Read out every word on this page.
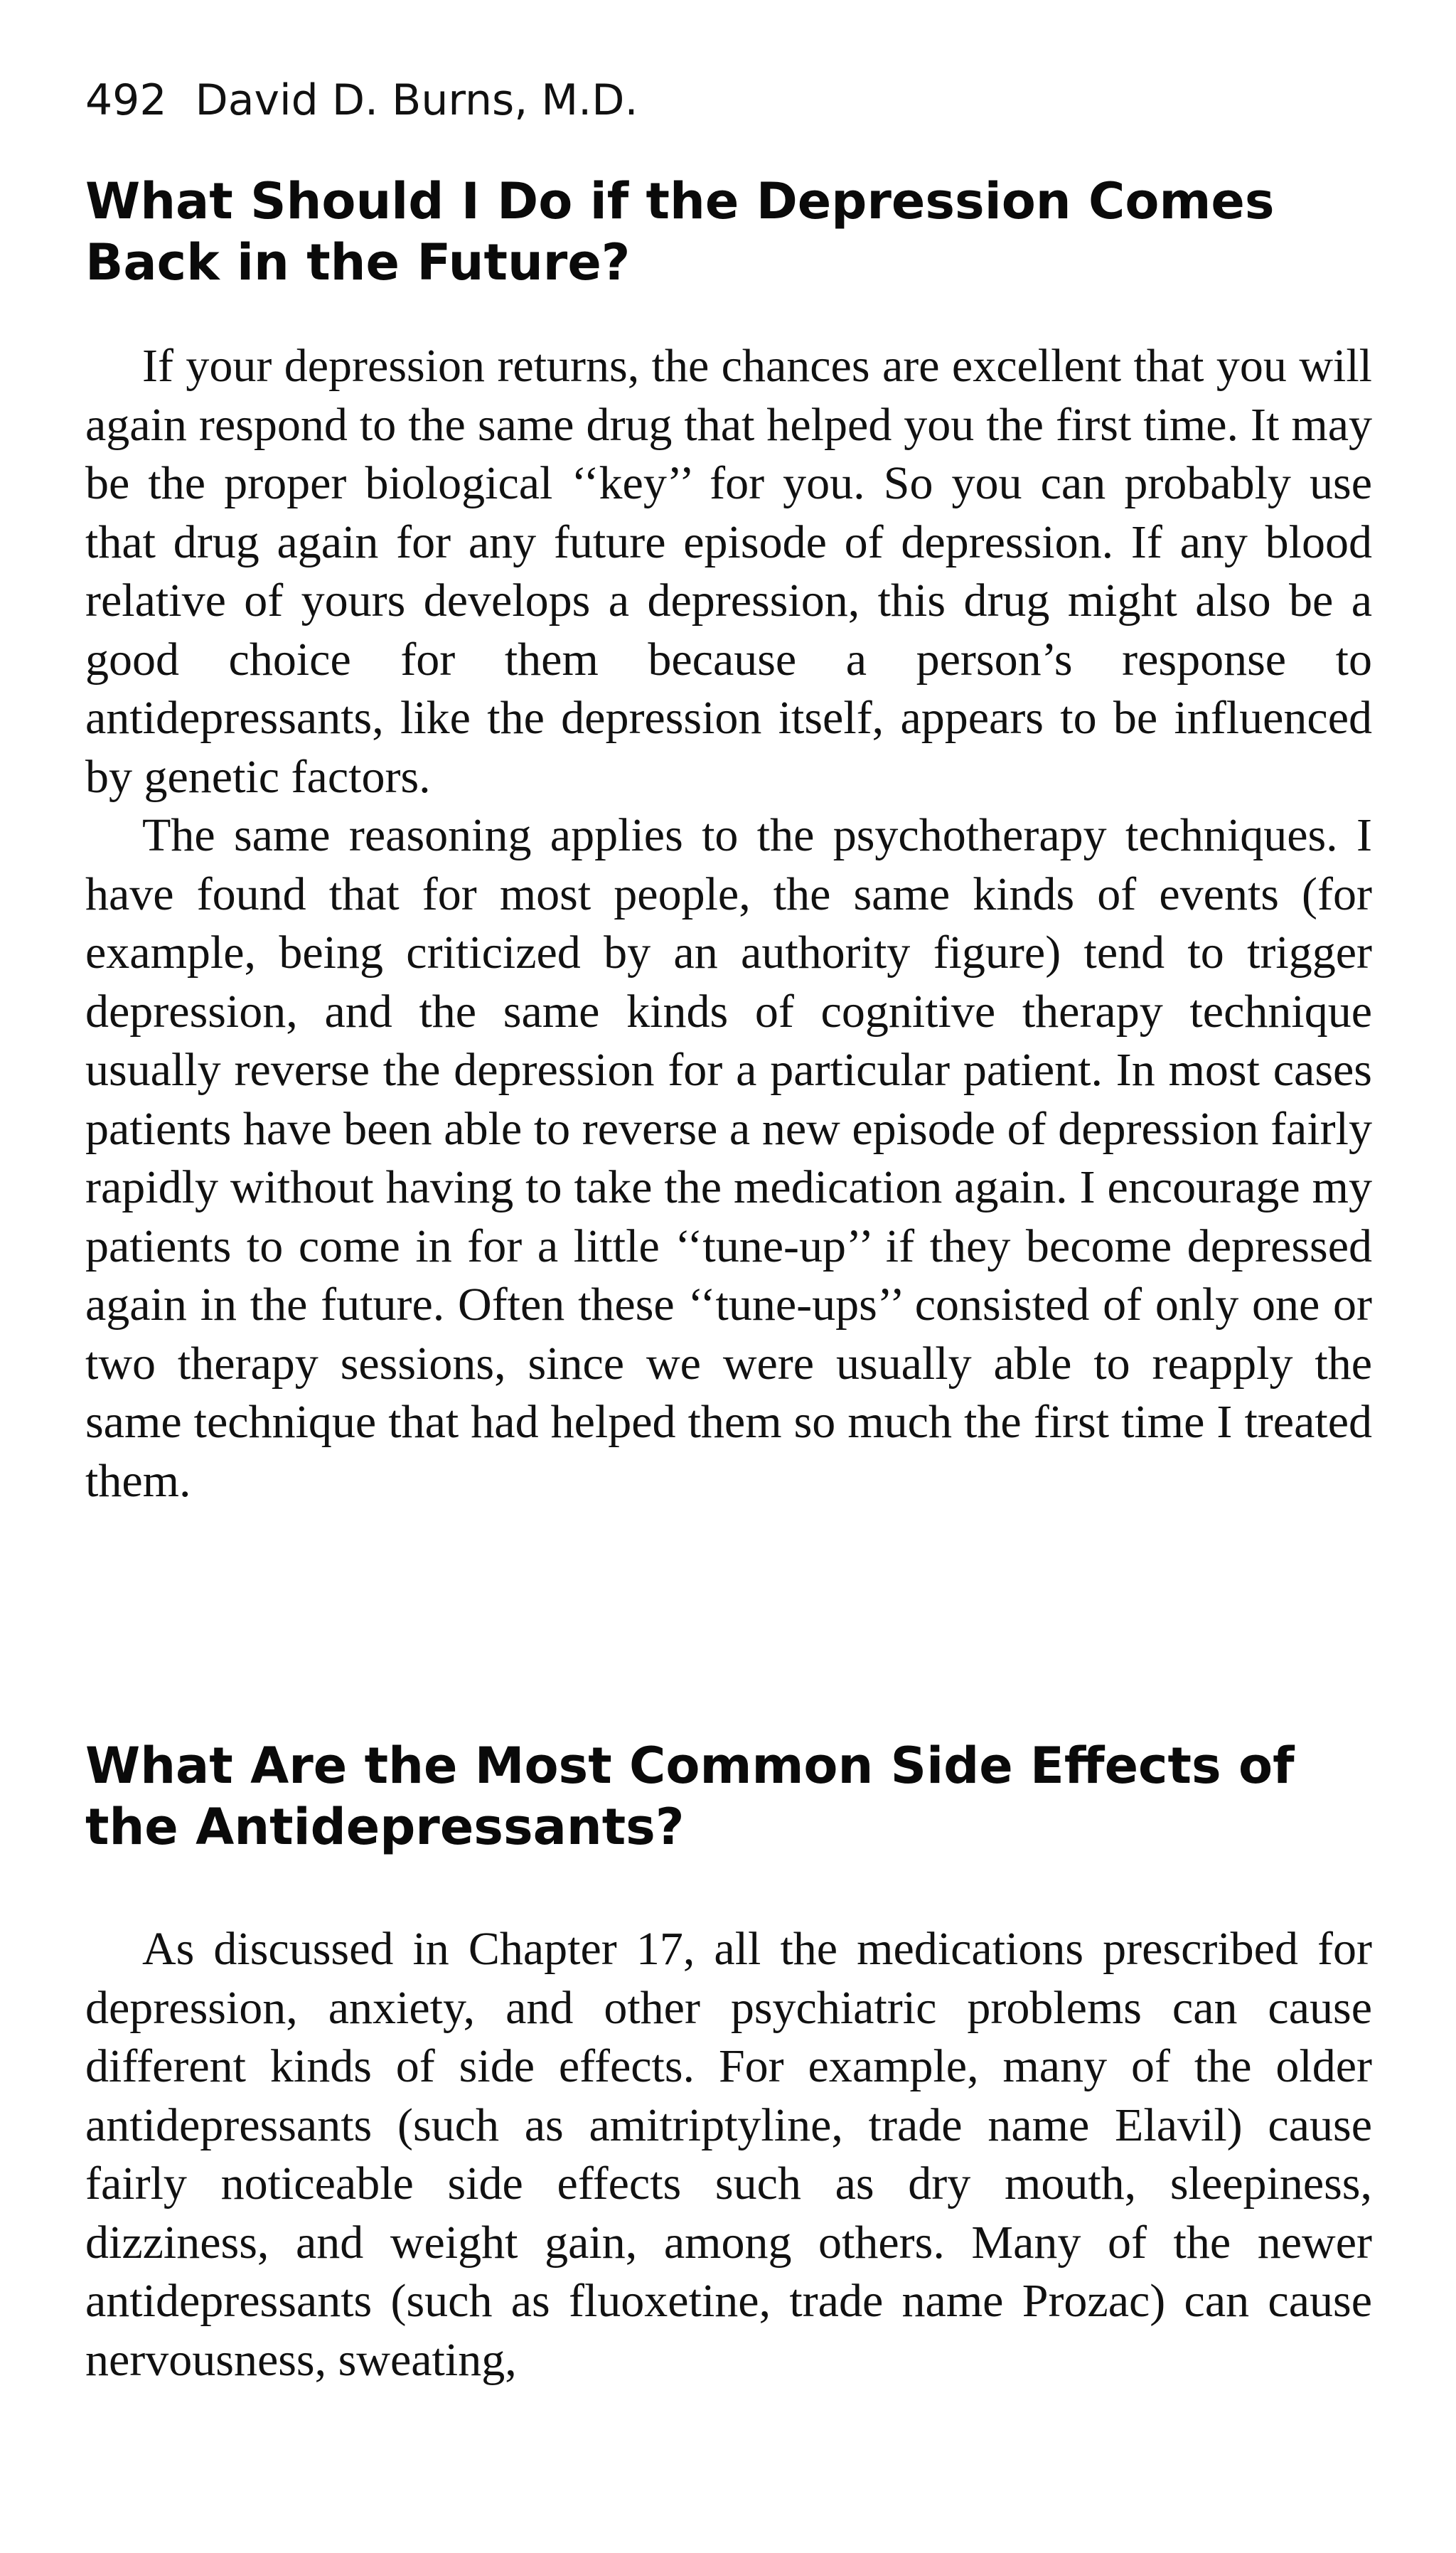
492 David D. Burns, M.D.
What Should I Do if the Depression Comes Back in the Future?

If your depression returns, the chances are excellent that you will again respond to the same drug that helped you the first time. It may be the proper biological ‘‘key’’ for you. So you can probably use that drug again for any future episode of depression. If any blood relative of yours develops a depression, this drug might also be a good choice for them because a person’s response to antidepressants, like the depression itself, appears to be influenced by genetic factors.

The same reasoning applies to the psychotherapy techniques. I have found that for most people, the same kinds of events (for example, being criticized by an authority figure) tend to trigger depression, and the same kinds of cognitive therapy technique usually reverse the depression for a particular patient. In most cases patients have been able to reverse a new episode of depression fairly rapidly without having to take the medication again. I encourage my patients to come in for a little ‘‘tune-up’’ if they become depressed again in the future. Often these ‘‘tune-ups’’ consisted of only one or two therapy sessions, since we were usually able to reapply the same technique that had helped them so much the first time I treated them.

What Are the Most Common Side Effects of the Antidepressants?

As discussed in Chapter 17, all the medications prescribed for depression, anxiety, and other psychiatric problems can cause different kinds of side effects. For example, many of the older antidepressants (such as amitriptyline, trade name Elavil) cause fairly noticeable side effects such as dry mouth, sleepiness, dizziness, and weight gain, among others. Many of the newer antidepressants (such as fluoxetine, trade name Prozac) can cause nervousness, sweating,
